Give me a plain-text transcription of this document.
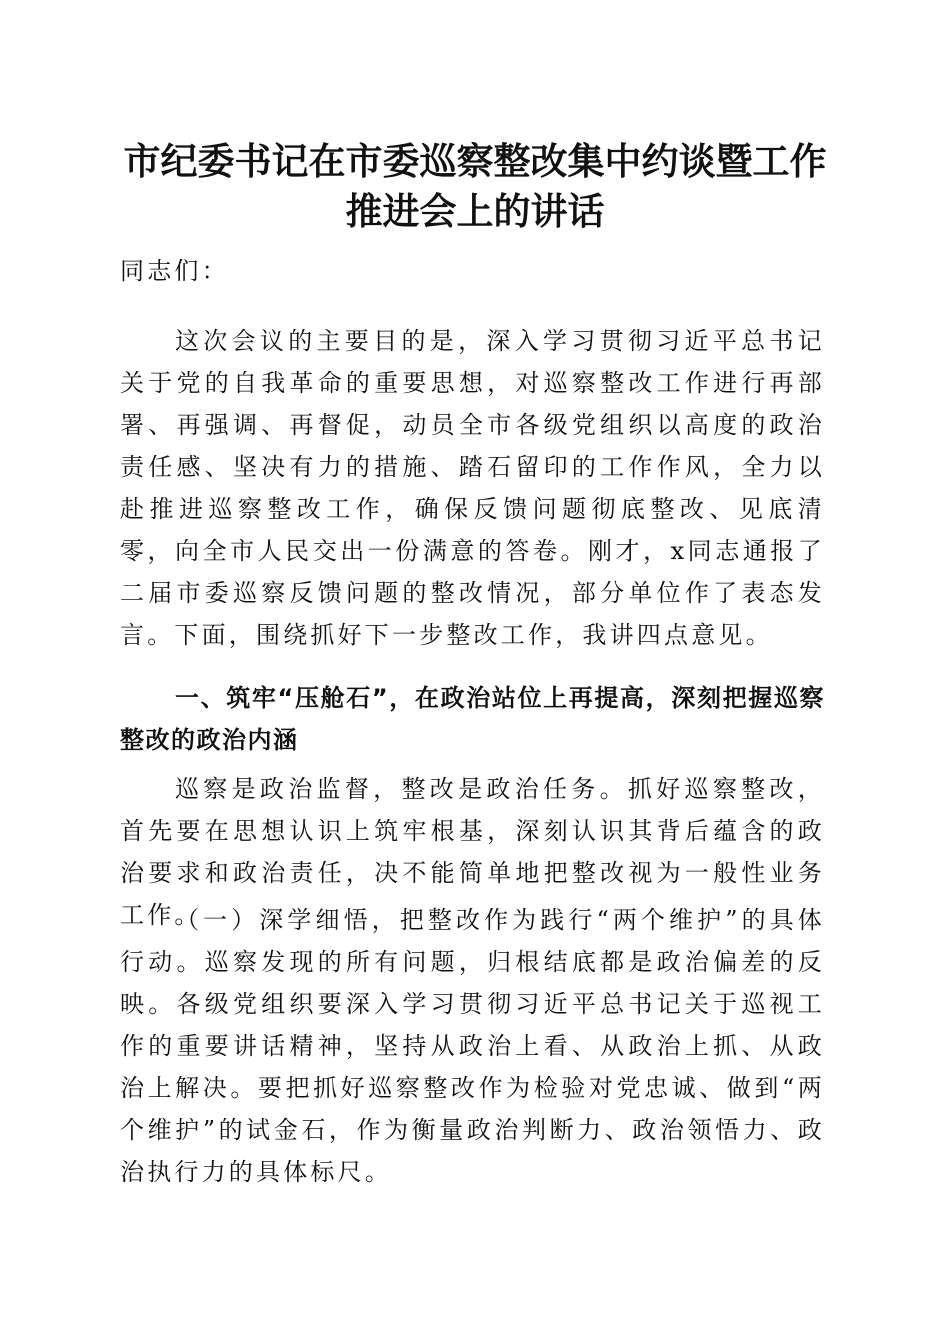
市纪委书记在市委巡察整改集中约谈暨工作推进会上的讲话

同志们：

这次会议的主要目的是，深入学习贯彻习近平总书记关于党的自我革命的重要思想，对巡察整改工作进行再部署、再强调、再督促，动员全市各级党组织以高度的政治责任感、坚决有力的措施、踏石留印的工作作风，全力以赴推进巡察整改工作，确保反馈问题彻底整改、见底清零，向全市人民交出一份满意的答卷。刚才，x同志通报了二届市委巡察反馈问题的整改情况，部分单位作了表态发言。下面，围绕抓好下一步整改工作，我讲四点意见。

一、筑牢“压舱石”，在政治站位上再提高，深刻把握巡察整改的政治内涵

巡察是政治监督，整改是政治任务。抓好巡察整改，首先要在思想认识上筑牢根基，深刻认识其背后蕴含的政治要求和政治责任，决不能简单地把整改视为一般性业务工作。

（一）深学细悟，把整改作为践行“两个维护”的具体行动。巡察发现的所有问题，归根结底都是政治偏差的反映。各级党组织要深入学习贯彻习近平总书记关于巡视工作的重要讲话精神，坚持从政治上看、从政治上抓、从政治上解决。要把抓好巡察整改作为检验对党忠诚、做到“两个维护”的试金石，作为衡量政治判断力、政治领悟力、政治执行力的具体标尺。
